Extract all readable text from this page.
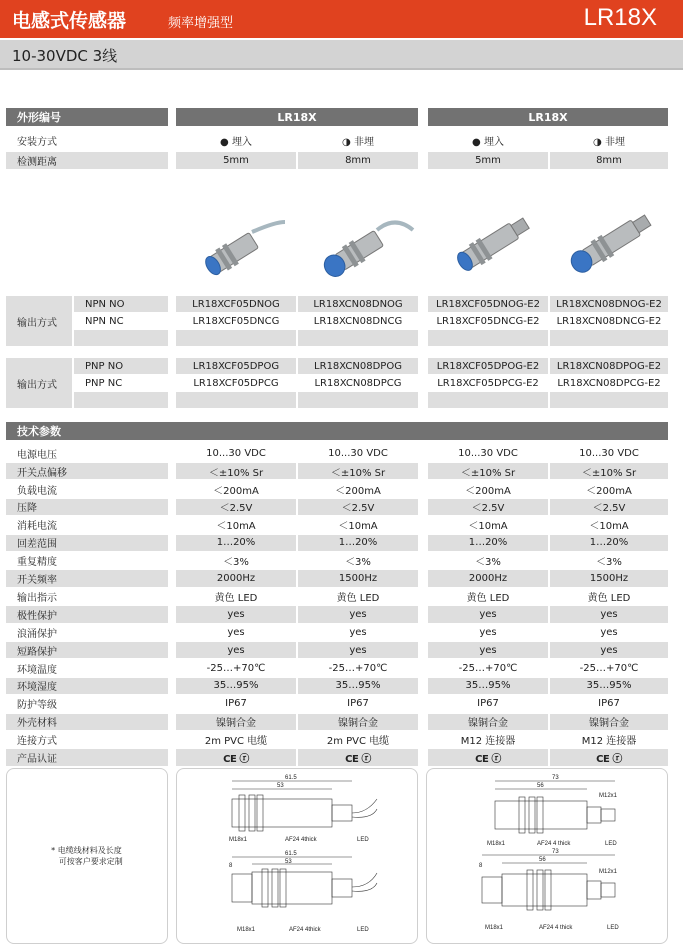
电感式传感器	频率增强型	LR18X
10-30VDC 3线
外形编号	LR18X	LR18X
安装方式	● 埋入	◑ 非埋	● 埋入	◑ 非埋
检测距离	5mm	8mm	5mm	8mm
输出方式
NPN NO	LR18XCF05DNOG	LR18XCN08DNOG	LR18XCF05DNOG-E2	LR18XCN08DNOG-E2
NPN NC	LR18XCF05DNCG	LR18XCN08DNCG	LR18XCF05DNCG-E2	LR18XCN08DNCG-E2
输出方式
PNP NO	LR18XCF05DPOG	LR18XCN08DPOG	LR18XCF05DPOG-E2	LR18XCN08DPOG-E2
PNP NC	LR18XCF05DPCG	LR18XCN08DPCG	LR18XCF05DPCG-E2	LR18XCN08DPCG-E2
技术参数
电源电压	10...30 VDC	10...30 VDC	10...30 VDC	10...30 VDC
开关点偏移	＜±10% Sr	＜±10% Sr	＜±10% Sr	＜±10% Sr
负载电流	＜200mA	＜200mA	＜200mA	＜200mA
压降	＜2.5V	＜2.5V	＜2.5V	＜2.5V
消耗电流	＜10mA	＜10mA	＜10mA	＜10mA
回差范围	1…20%	1…20%	1…20%	1…20%
重复精度	＜3%	＜3%	＜3%	＜3%
开关频率	2000Hz	1500Hz	2000Hz	1500Hz
输出指示	黄色 LED	黄色 LED	黄色 LED	黄色 LED
极性保护	yes	yes	yes	yes
浪涌保护	yes	yes	yes	yes
短路保护	yes	yes	yes	yes
环境温度	-25…+70℃	-25…+70℃	-25…+70℃	-25…+70℃
环境湿度	35…95%	35…95%	35…95%	35…95%
防护等级	IP67	IP67	IP67	IP67
外壳材料	镍铜合金	镍铜合金	镍铜合金	镍铜合金
连接方式	2m PVC 电缆	2m PVC 电缆	M12 连接器	M12 连接器
产品认证	CE ⓡ	CE ⓡ	CE ⓡ	CE ⓡ
* 电缆线材料及长度
可按客户要求定制
61.5
53
M18x1	AF24 4thick	LED
8
61.5
53
M18x1	AF24 4thick	LED
73
56
M12x1
M18x1	AF24 4 thick	LED
8
73
56
M12x1
M18x1	AF24 4 thick	LED
